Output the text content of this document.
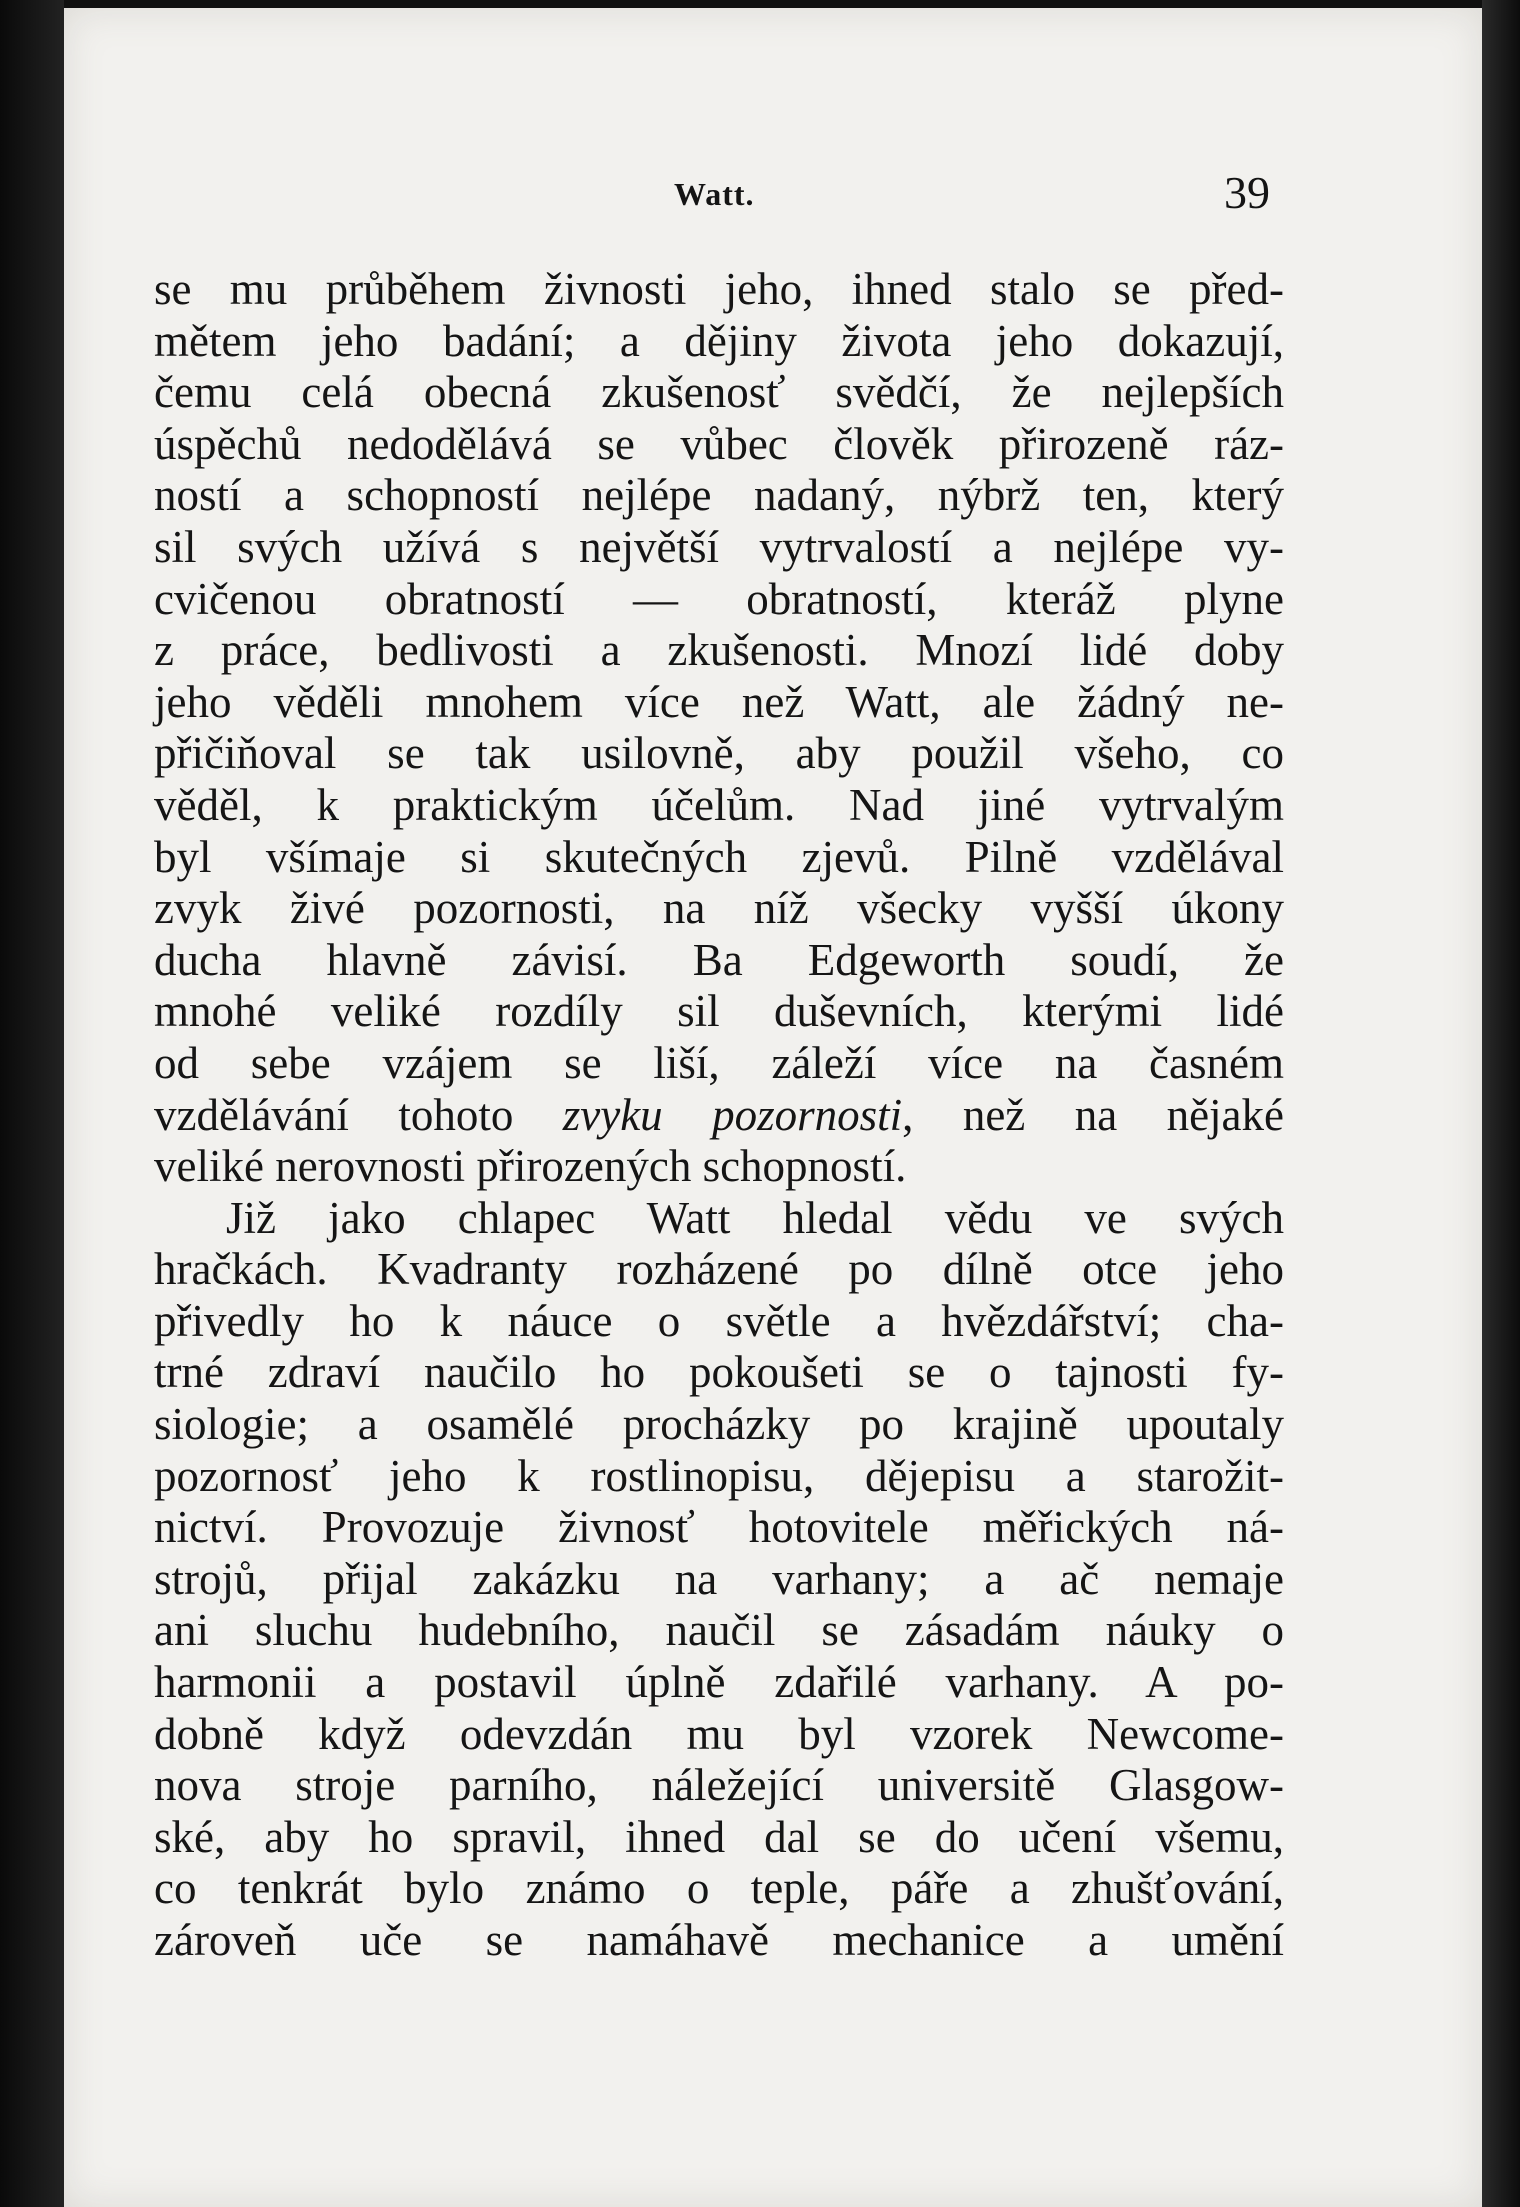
Watt.	39
se mu průběhem živnosti jeho, ihned stalo se před-
mětem jeho badání; a dějiny života jeho dokazují,
čemu celá obecná zkušenosť svědčí, že nejlepších
úspěchů nedodělává se vůbec člověk přirozeně ráz-
ností a schopností nejlépe nadaný, nýbrž ten, který
sil svých užívá s největší vytrvalostí a nejlépe vy-
cvičenou obratností — obratností, kteráž plyne
z práce, bedlivosti a zkušenosti. Mnozí lidé doby
jeho věděli mnohem více než Watt, ale žádný ne-
přičiňoval se tak usilovně, aby použil všeho, co
věděl, k praktickým účelům. Nad jiné vytrvalým
byl všímaje si skutečných zjevů. Pilně vzdělával
zvyk živé pozornosti, na níž všecky vyšší úkony
ducha hlavně závisí. Ba Edgeworth soudí, že
mnohé veliké rozdíly sil duševních, kterými lidé
od sebe vzájem se liší, záleží více na časném
vzdělávání tohoto zvyku pozornosti, než na nějaké
veliké nerovnosti přirozených schopností.
Již jako chlapec Watt hledal vědu ve svých
hračkách. Kvadranty rozházené po dílně otce jeho
přivedly ho k náuce o světle a hvězdářství; cha-
trné zdraví naučilo ho pokoušeti se o tajnosti fy-
siologie; a osamělé procházky po krajině upoutaly
pozornosť jeho k rostlinopisu, dějepisu a starožit-
nictví. Provozuje živnosť hotovitele měřických ná-
strojů, přijal zakázku na varhany; a ač nemaje
ani sluchu hudebního, naučil se zásadám náuky o
harmonii a postavil úplně zdařilé varhany. A po-
dobně když odevzdán mu byl vzorek Newcome-
nova stroje parního, náležející universitě Glasgow-
ské, aby ho spravil, ihned dal se do učení všemu,
co tenkrát bylo známo o teple, páře a zhušťování,
zároveň uče se namáhavě mechanice a umění
